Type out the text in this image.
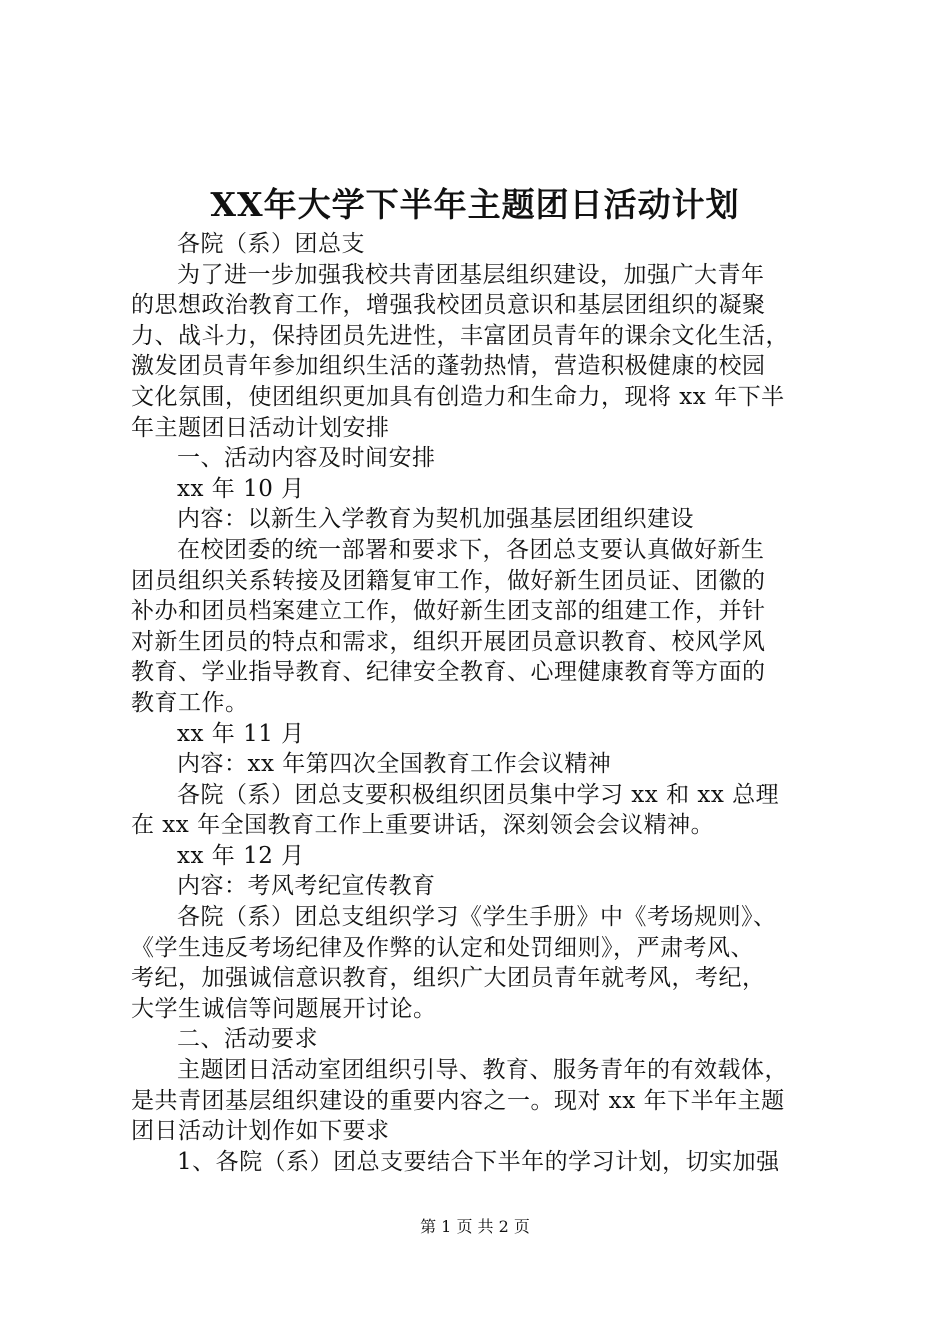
XX年大学下半年主题团日活动计划
各院（系）团总支
为了进一步加强我校共青团基层组织建设，加强广大青年
的思想政治教育工作，增强我校团员意识和基层团组织的凝聚
力、战斗力，保持团员先进性，丰富团员青年的课余文化生活，
激发团员青年参加组织生活的蓬勃热情，营造积极健康的校园
文化氛围，使团组织更加具有创造力和生命力，现将 xx 年下半
年主题团日活动计划安排
一、活动内容及时间安排
xx 年 10 月
内容：以新生入学教育为契机加强基层团组织建设
在校团委的统一部署和要求下，各团总支要认真做好新生
团员组织关系转接及团籍复审工作，做好新生团员证、团徽的
补办和团员档案建立工作，做好新生团支部的组建工作，并针
对新生团员的特点和需求，组织开展团员意识教育、校风学风
教育、学业指导教育、纪律安全教育、心理健康教育等方面的
教育工作。
xx 年 11 月
内容：xx 年第四次全国教育工作会议精神
各院（系）团总支要积极组织团员集中学习 xx 和 xx 总理
在 xx 年全国教育工作上重要讲话，深刻领会会议精神。
xx 年 12 月
内容：考风考纪宣传教育
各院（系）团总支组织学习《学生手册》中《考场规则》、
《学生违反考场纪律及作弊的认定和处罚细则》，严肃考风、
考纪，加强诚信意识教育，组织广大团员青年就考风，考纪，
大学生诚信等问题展开讨论。
二、活动要求
主题团日活动室团组织引导、教育、服务青年的有效载体，
是共青团基层组织建设的重要内容之一。现对 xx 年下半年主题
团日活动计划作如下要求
1、各院（系）团总支要结合下半年的学习计划，切实加强
第 1 页 共 2 页
